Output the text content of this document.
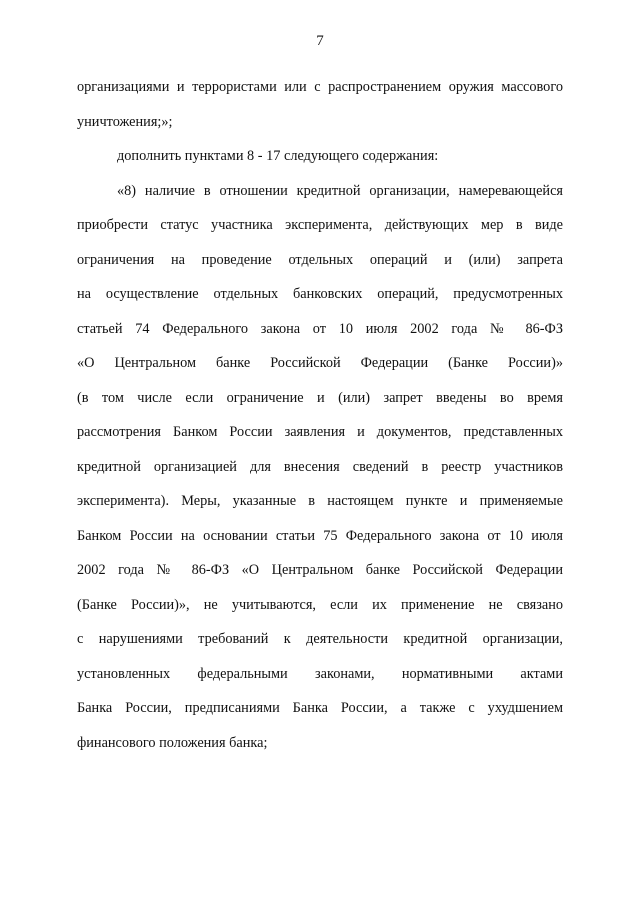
7
организациями и террористами или с распространением оружия массового
уничтожения;»;
дополнить пунктами 8 - 17 следующего содержания:
«8) наличие в отношении кредитной организации, намеревающейся
приобрести статус участника эксперимента, действующих мер в виде
ограничения на проведение отдельных операций и (или) запрета
на осуществление отдельных банковских операций, предусмотренных
статьей 74 Федерального закона от 10 июля 2002 года № 86-ФЗ
«О Центральном банке Российской Федерации (Банке России)»
(в том числе если ограничение и (или) запрет введены во время
рассмотрения Банком России заявления и документов, представленных
кредитной организацией для внесения сведений в реестр участников
эксперимента). Меры, указанные в настоящем пункте и применяемые
Банком России на основании статьи 75 Федерального закона от 10 июля
2002 года № 86-ФЗ «О Центральном банке Российской Федерации
(Банке России)», не учитываются, если их применение не связано
с нарушениями требований к деятельности кредитной организации,
установленных федеральными законами, нормативными актами
Банка России, предписаниями Банка России, а также с ухудшением
финансового положения банка;
